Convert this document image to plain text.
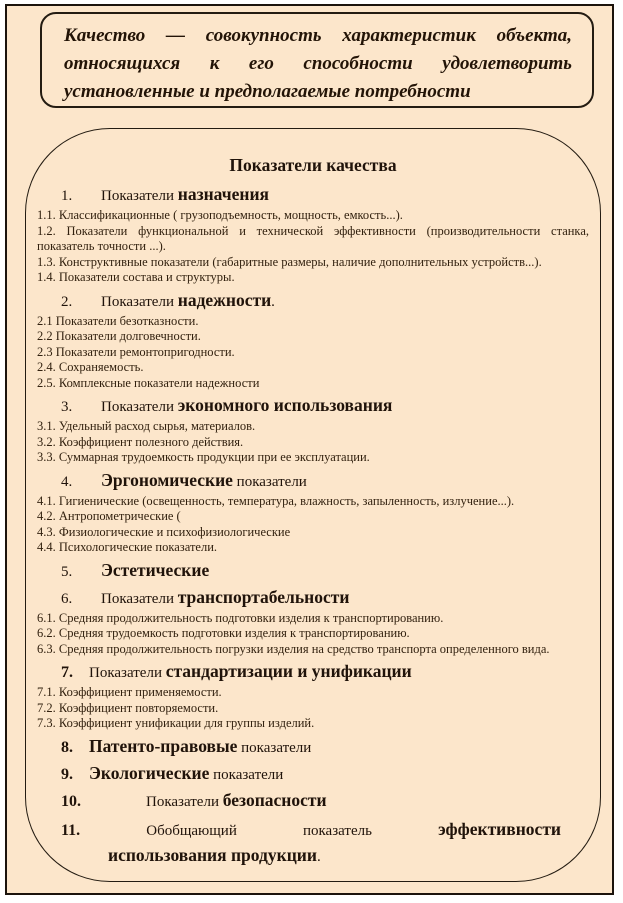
Качество — совокупность характеристик объекта, относящихся к его способности удовлетворить установленные и предполагаемые потребности

Показатели качества
1. Показатели назначения
1.1. Классификационные ( грузоподъемность, мощность, емкость...).
1.2. Показатели функциональной и технической эффективности (производительности станка, показатель точности ...).
1.3. Конструктивные показатели (габаритные размеры, наличие дополнительных устройств...).
1.4. Показатели состава и структуры.
2. Показатели надежности.
2.1 Показатели безотказности.
2.2 Показатели долговечности.
2.3 Показатели ремонтопригодности.
2.4. Сохраняемость.
2.5. Комплексные показатели надежности
3. Показатели экономного использования
3.1. Удельный расход сырья, материалов.
3.2. Коэффициент полезного действия.
3.3. Суммарная трудоемкость продукции при ее эксплуатации.
4. Эргономические показатели
4.1. Гигиенические (освещенность, температура, влажность, запыленность, излучение...).
4.2. Антропометрические (
4.3. Физиологические и психофизиологические
4.4. Психологические показатели.
5. Эстетические
6. Показатели транспортабельности
6.1. Средняя продолжительность подготовки изделия к транспортированию.
6.2. Средняя трудоемкость подготовки изделия к транспортированию.
6.3. Средняя продолжительность погрузки изделия на средство транспорта определенного вида.
7. Показатели стандартизации и унификации
7.1. Коэффициент применяемости.
7.2. Коэффициент повторяемости.
7.3. Коэффициент унификации для группы изделий.
8. Патенто-правовые показатели
9. Экологические показатели
10.	Показатели безопасности
11.	Обобщающий	показатель	эффективности
использования продукции.
